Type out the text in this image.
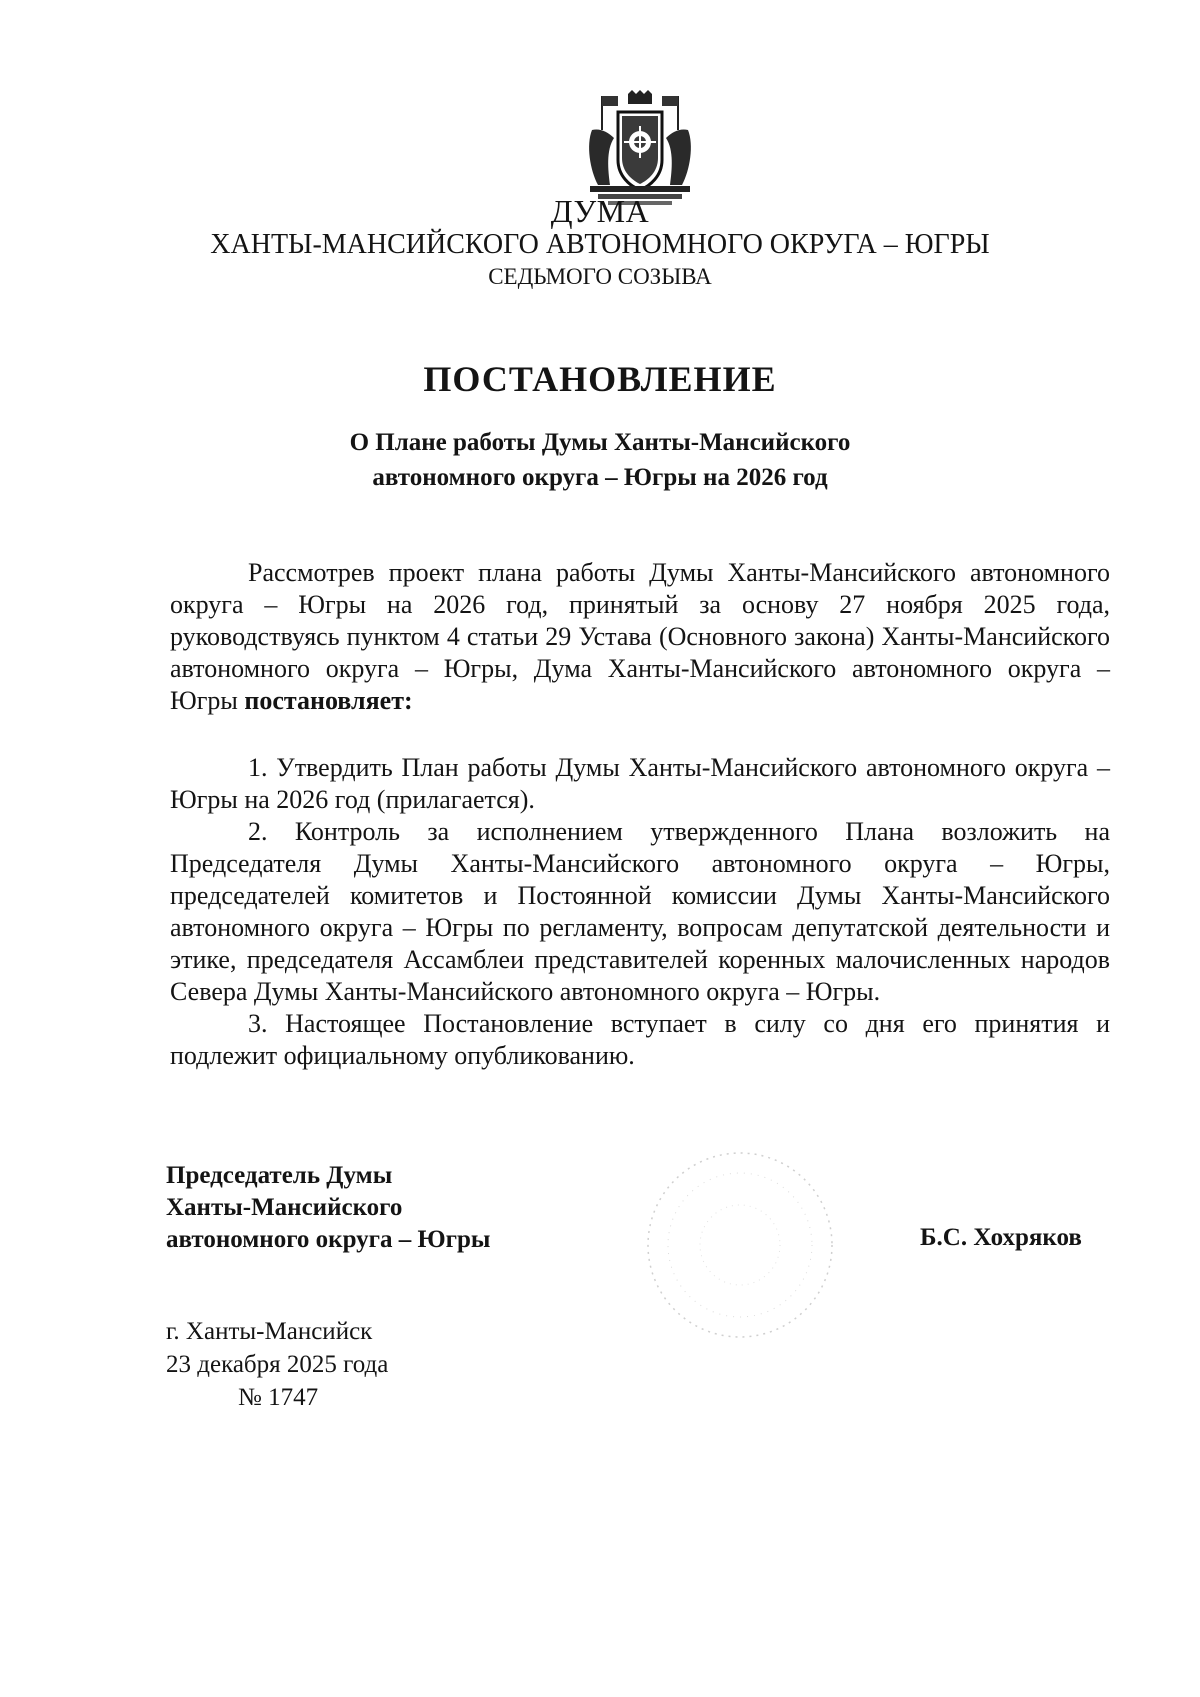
ДУМА
ХАНТЫ-МАНСИЙСКОГО АВТОНОМНОГО ОКРУГА – ЮГРЫ
СЕДЬМОГО СОЗЫВА
ПОСТАНОВЛЕНИЕ
О Плане работы Думы Ханты-Мансийского
автономного округа – Югры на 2026 год
Рассмотрев проект плана работы Думы Ханты-Мансийского автономного округа – Югры на 2026 год, принятый за основу 27 ноября 2025 года, руководствуясь пунктом 4 статьи 29 Устава (Основного закона) Ханты-Мансийского автономного округа – Югры, Дума Ханты-Мансийского автономного округа – Югры постановляет:

1. Утвердить План работы Думы Ханты-Мансийского автономного округа – Югры на 2026 год (прилагается).

2. Контроль за исполнением утвержденного Плана возложить на Председателя Думы Ханты-Мансийского автономного округа – Югры, председателей комитетов и Постоянной комиссии Думы Ханты-Мансийского автономного округа – Югры по регламенту, вопросам депутатской деятельности и этике, председателя Ассамблеи представителей коренных малочисленных народов Севера Думы Ханты-Мансийского автономного округа – Югры.

3. Настоящее Постановление вступает в силу со дня его принятия и подлежит официальному опубликованию.

Председатель Думы
Ханты-Мансийского
автономного округа – Югры	Б.С. Хохряков
г. Ханты-Мансийск
23 декабря 2025 года
№ 1747
